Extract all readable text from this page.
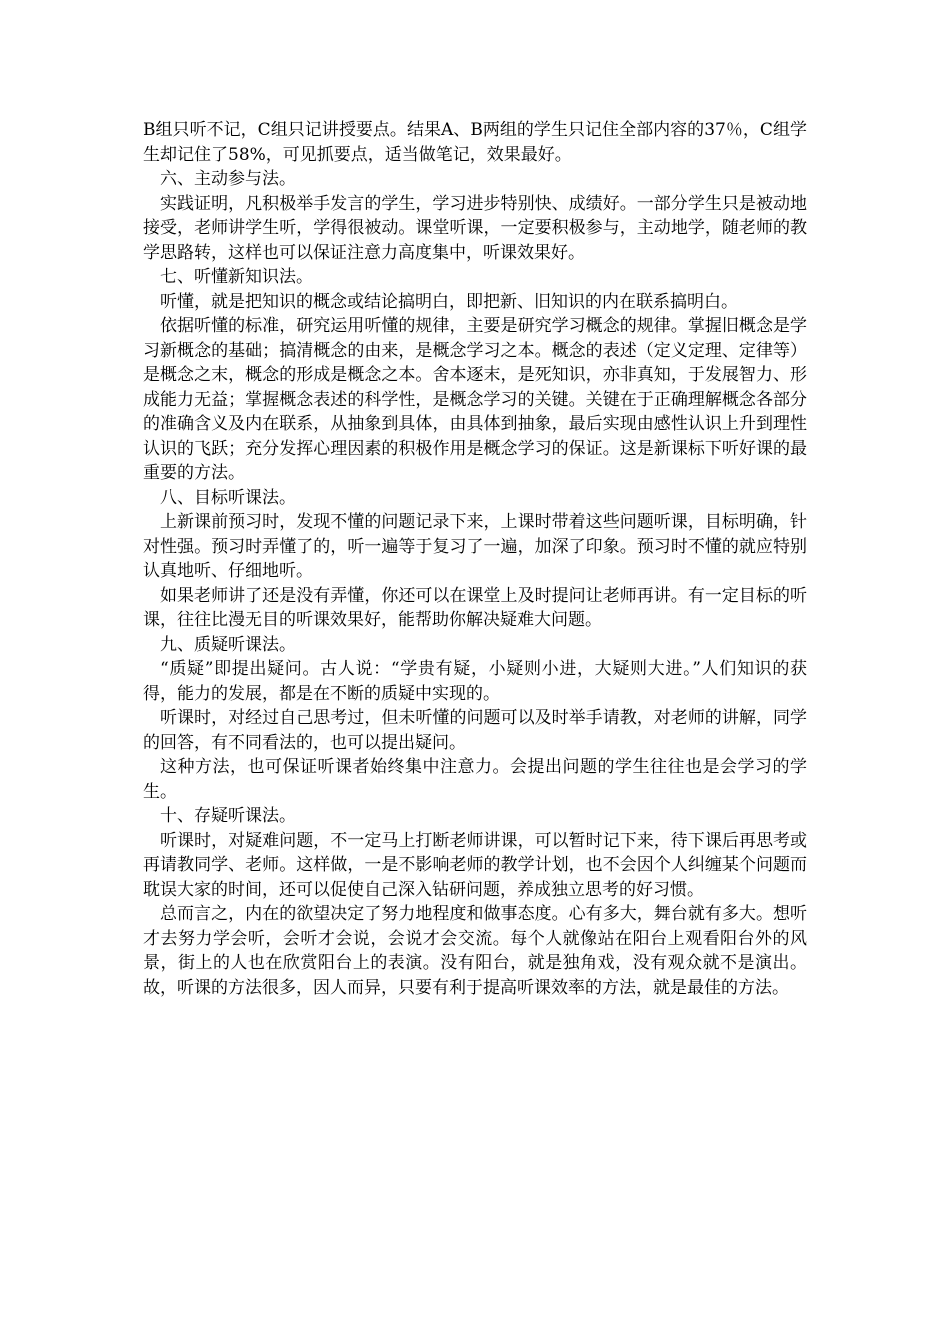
B组只听不记，C组只记讲授要点。结果A、B两组的学生只记住全部内容的37％，C组学生却记住了58%，可见抓要点，适当做笔记，效果最好。

六、主动参与法。

实践证明，凡积极举手发言的学生，学习进步特别快、成绩好。一部分学生只是被动地接受，老师讲学生听，学得很被动。课堂听课，一定要积极参与，主动地学，随老师的教学思路转，这样也可以保证注意力高度集中，听课效果好。

七、听懂新知识法。

听懂，就是把知识的概念或结论搞明白，即把新、旧知识的内在联系搞明白。

依据听懂的标准，研究运用听懂的规律，主要是研究学习概念的规律。掌握旧概念是学习新概念的基础；搞清概念的由来，是概念学习之本。概念的表述（定义定理、定律等）是概念之末，概念的形成是概念之本。舍本逐末，是死知识，亦非真知，于发展智力、形成能力无益；掌握概念表述的科学性，是概念学习的关键。关键在于正确理解概念各部分的准确含义及内在联系，从抽象到具体，由具体到抽象，最后实现由感性认识上升到理性认识的飞跃；充分发挥心理因素的积极作用是概念学习的保证。这是新课标下听好课的最重要的方法。

八、目标听课法。

上新课前预习时，发现不懂的问题记录下来，上课时带着这些问题听课，目标明确，针对性强。预习时弄懂了的，听一遍等于复习了一遍，加深了印象。预习时不懂的就应特别认真地听、仔细地听。

如果老师讲了还是没有弄懂，你还可以在课堂上及时提问让老师再讲。有一定目标的听课，往往比漫无目的听课效果好，能帮助你解决疑难大问题。

九、质疑听课法。

“质疑”即提出疑问。古人说：“学贵有疑，小疑则小进，大疑则大进。”人们知识的获得，能力的发展，都是在不断的质疑中实现的。

听课时，对经过自己思考过，但未听懂的问题可以及时举手请教，对老师的讲解，同学的回答，有不同看法的，也可以提出疑问。

这种方法，也可保证听课者始终集中注意力。会提出问题的学生往往也是会学习的学生。

十、存疑听课法。

听课时，对疑难问题，不一定马上打断老师讲课，可以暂时记下来，待下课后再思考或再请教同学、老师。这样做，一是不影响老师的教学计划，也不会因个人纠缠某个问题而耽误大家的时间，还可以促使自己深入钻研问题，养成独立思考的好习惯。

总而言之，内在的欲望决定了努力地程度和做事态度。心有多大，舞台就有多大。想听才去努力学会听，会听才会说，会说才会交流。每个人就像站在阳台上观看阳台外的风景，街上的人也在欣赏阳台上的表演。没有阳台，就是独角戏，没有观众就不是演出。故，听课的方法很多，因人而异，只要有利于提高听课效率的方法，就是最佳的方法。
